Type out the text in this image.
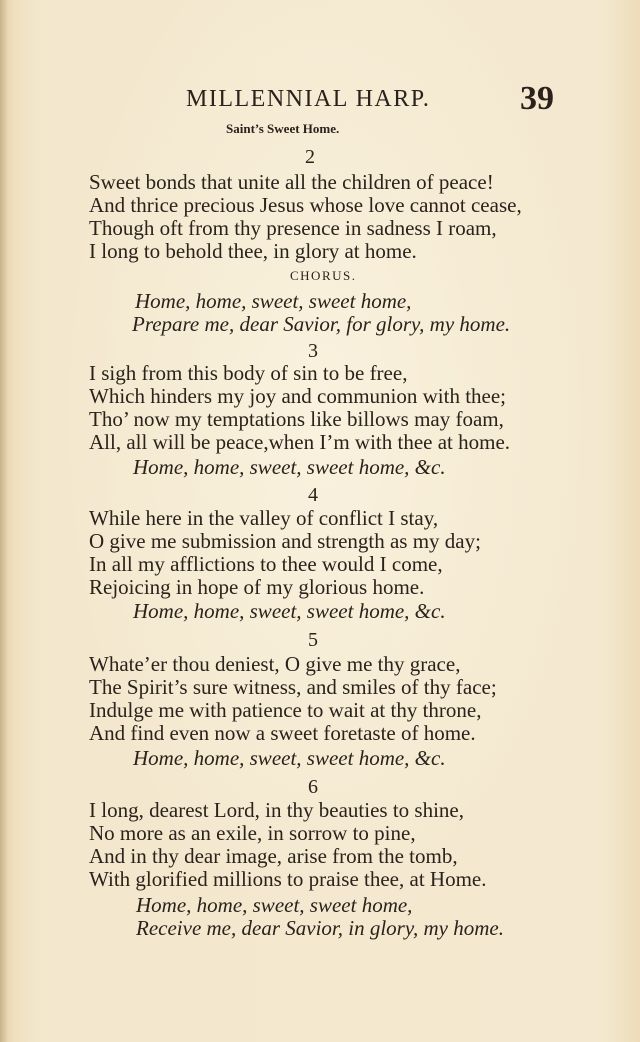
MILLENNIAL HARP.	39
Saint’s Sweet Home.
2
Sweet bonds that unite all the children of peace!
And thrice precious Jesus whose love cannot cease,
Though oft from thy presence in sadness I roam,
I long to behold thee, in glory at home.
CHORUS.
Home, home, sweet, sweet home,
Prepare me, dear Savior, for glory, my home.
3
I sigh from this body of sin to be free,
Which hinders my joy and communion with thee;
Tho’ now my temptations like billows may foam,
All, all will be peace,when I’m with thee at home.
Home, home, sweet, sweet home, &c.
4
While here in the valley of conflict I stay,
O give me submission and strength as my day;
In all my afflictions to thee would I come,
Rejoicing in hope of my glorious home.
Home, home, sweet, sweet home, &c.
5
Whate’er thou deniest, O give me thy grace,
The Spirit’s sure witness, and smiles of thy face;
Indulge me with patience to wait at thy throne,
And find even now a sweet foretaste of home.
Home, home, sweet, sweet home, &c.
6
I long, dearest Lord, in thy beauties to shine,
No more as an exile, in sorrow to pine,
And in thy dear image, arise from the tomb,
With glorified millions to praise thee, at Home.
Home, home, sweet, sweet home,
Receive me, dear Savior, in glory, my home.
